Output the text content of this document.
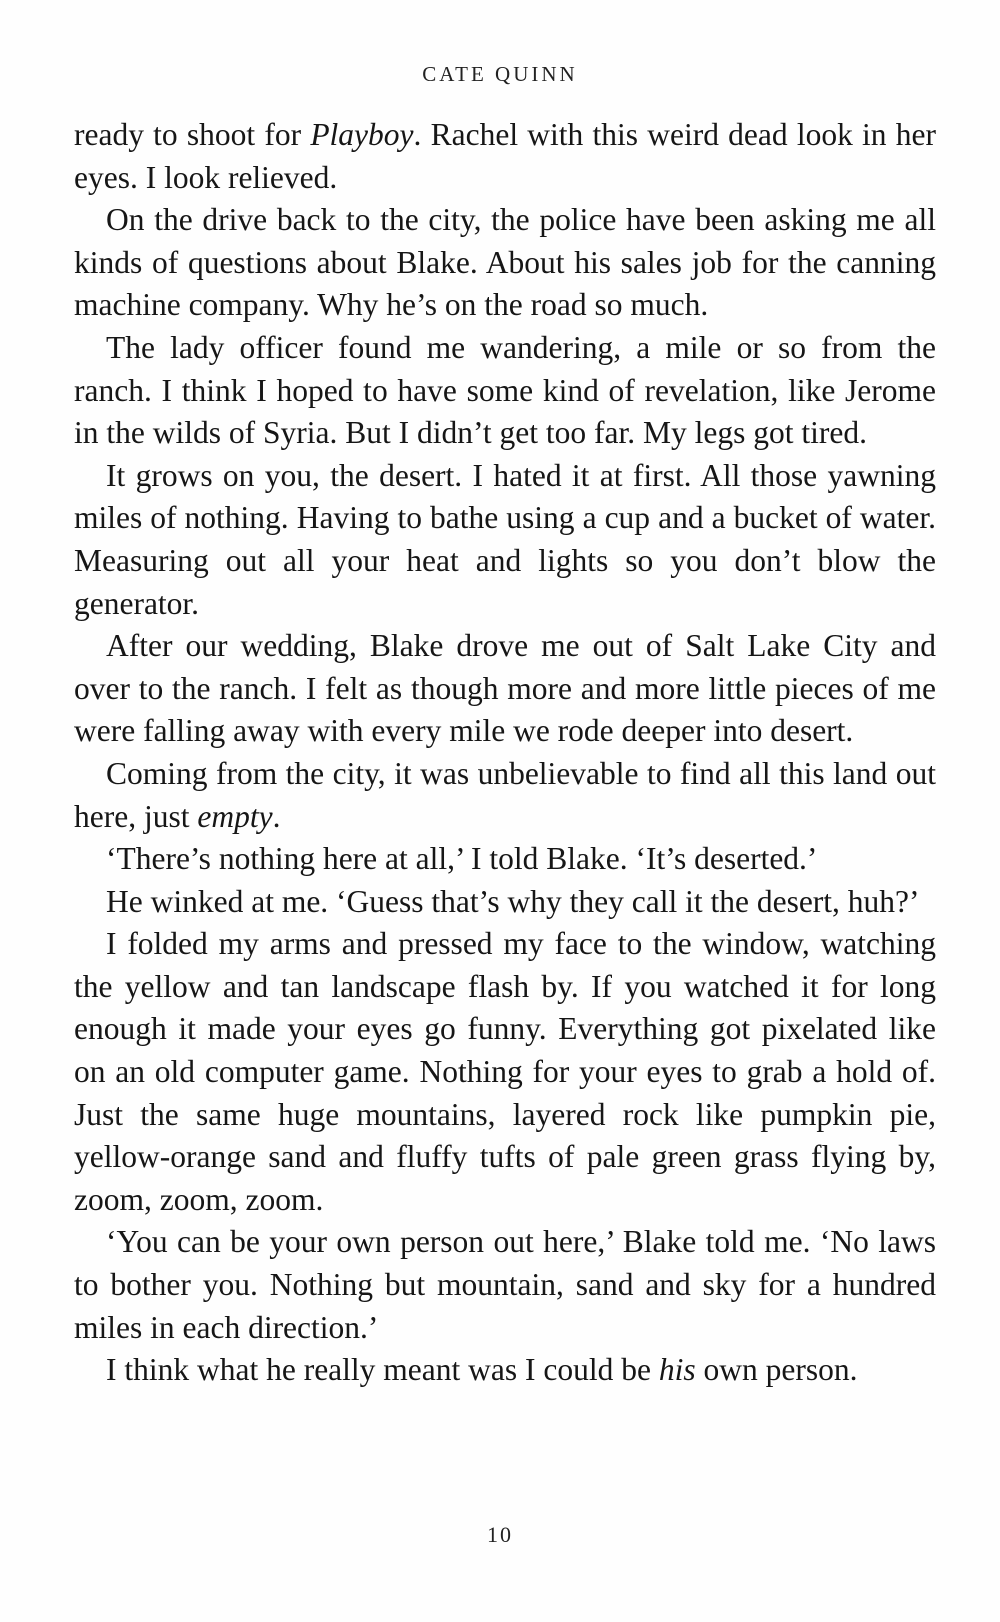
CATE QUINN

ready to shoot for Playboy. Rachel with this weird dead look in her eyes. I look relieved.

On the drive back to the city, the police have been asking me all kinds of questions about Blake. About his sales job for the canning machine company. Why he’s on the road so much.

The lady officer found me wandering, a mile or so from the ranch. I think I hoped to have some kind of revelation, like Jerome in the wilds of Syria. But I didn’t get too far. My legs got tired.

It grows on you, the desert. I hated it at first. All those yawning miles of nothing. Having to bathe using a cup and a bucket of water. Measuring out all your heat and lights so you don’t blow the generator.

After our wedding, Blake drove me out of Salt Lake City and over to the ranch. I felt as though more and more little pieces of me were falling away with every mile we rode deeper into desert.

Coming from the city, it was unbelievable to find all this land out here, just empty.

‘There’s nothing here at all,’ I told Blake. ‘It’s deserted.’

He winked at me. ‘Guess that’s why they call it the desert, huh?’

I folded my arms and pressed my face to the window, watching the yellow and tan landscape flash by. If you watched it for long enough it made your eyes go funny. Everything got pixelated like on an old computer game. Nothing for your eyes to grab a hold of. Just the same huge mountains, layered rock like pumpkin pie, yellow-orange sand and fluffy tufts of pale green grass flying by, zoom, zoom, zoom.

‘You can be your own person out here,’ Blake told me. ‘No laws to bother you. Nothing but mountain, sand and sky for a hundred miles in each direction.’

I think what he really meant was I could be his own person.

10
